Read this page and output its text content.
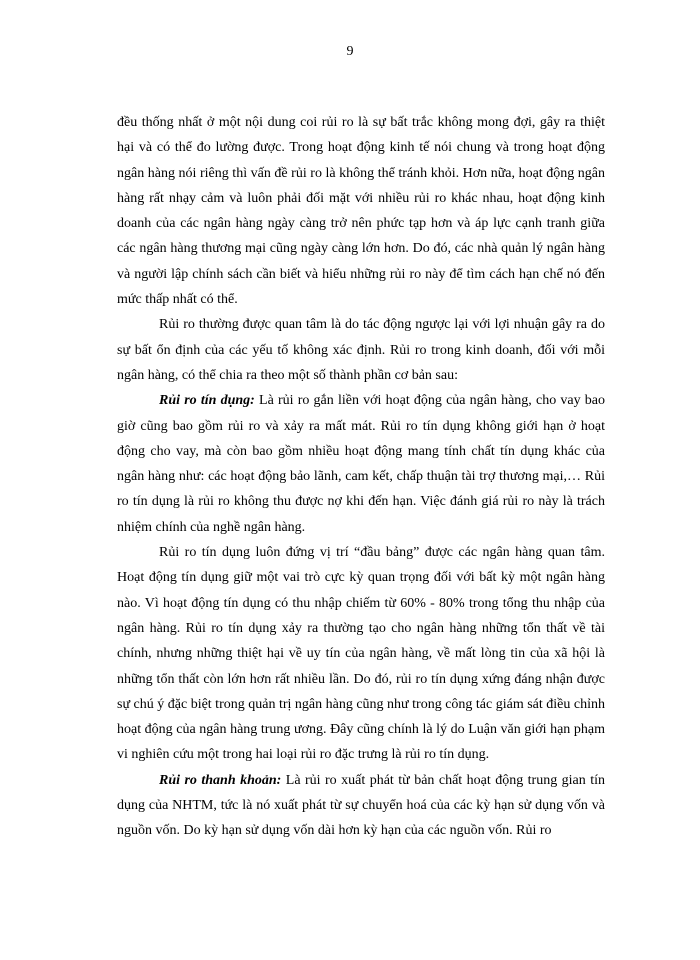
9

đều thống nhất ở một nội dung coi rủi ro là sự bất trắc không mong đợi, gây ra thiệt hại và có thể đo lường được. Trong hoạt động kinh tế nói chung và trong hoạt động ngân hàng nói riêng thì vấn đề rủi ro là không thể tránh khỏi. Hơn nữa, hoạt động ngân hàng rất nhạy cảm và luôn phải đối mặt với nhiều rủi ro khác nhau, hoạt động kinh doanh của các ngân hàng ngày càng trở nên phức tạp hơn và áp lực cạnh tranh giữa các ngân hàng thương mại cũng ngày càng lớn hơn. Do đó, các nhà quản lý ngân hàng và người lập chính sách cần biết và hiểu những rủi ro này để tìm cách hạn chế nó đến mức thấp nhất có thể.

Rủi ro thường được quan tâm là do tác động ngược lại với lợi nhuận gây ra do sự bất ổn định của các yếu tố không xác định. Rủi ro trong kinh doanh, đối với mỗi ngân hàng, có thể chia ra theo một số thành phần cơ bản sau:

Rủi ro tín dụng: Là rủi ro gắn liền với hoạt động của ngân hàng, cho vay bao giờ cũng bao gồm rủi ro và xảy ra mất mát. Rủi ro tín dụng không giới hạn ở hoạt động cho vay, mà còn bao gồm nhiều hoạt động mang tính chất tín dụng khác của ngân hàng như: các hoạt động bảo lãnh, cam kết, chấp thuận tài trợ thương mại,… Rủi ro tín dụng là rủi ro không thu được nợ khi đến hạn. Việc đánh giá rủi ro này là trách nhiệm chính của nghề ngân hàng.

Rủi ro tín dụng luôn đứng vị trí “đầu bảng” được các ngân hàng quan tâm. Hoạt động tín dụng giữ một vai trò cực kỳ quan trọng đối với bất kỳ một ngân hàng nào. Vì hoạt động tín dụng có thu nhập chiếm từ 60% - 80% trong tổng thu nhập của ngân hàng. Rủi ro tín dụng xảy ra thường tạo cho ngân hàng những tổn thất về tài chính, nhưng những thiệt hại về uy tín của ngân hàng, về mất lòng tin của xã hội là những tổn thất còn lớn hơn rất nhiều lần. Do đó, rủi ro tín dụng xứng đáng nhận được sự chú ý đặc biệt trong quản trị ngân hàng cũng như trong công tác giám sát điều chỉnh hoạt động của ngân hàng trung ương. Đây cũng chính là lý do Luận văn giới hạn phạm vi nghiên cứu một trong hai loại rủi ro đặc trưng là rủi ro tín dụng.

Rủi ro thanh khoản: Là rủi ro xuất phát từ bản chất hoạt động trung gian tín dụng của NHTM, tức là nó xuất phát từ sự chuyển hoá của các kỳ hạn sử dụng vốn và nguồn vốn. Do kỳ hạn sử dụng vốn dài hơn kỳ hạn của các nguồn vốn. Rủi ro
